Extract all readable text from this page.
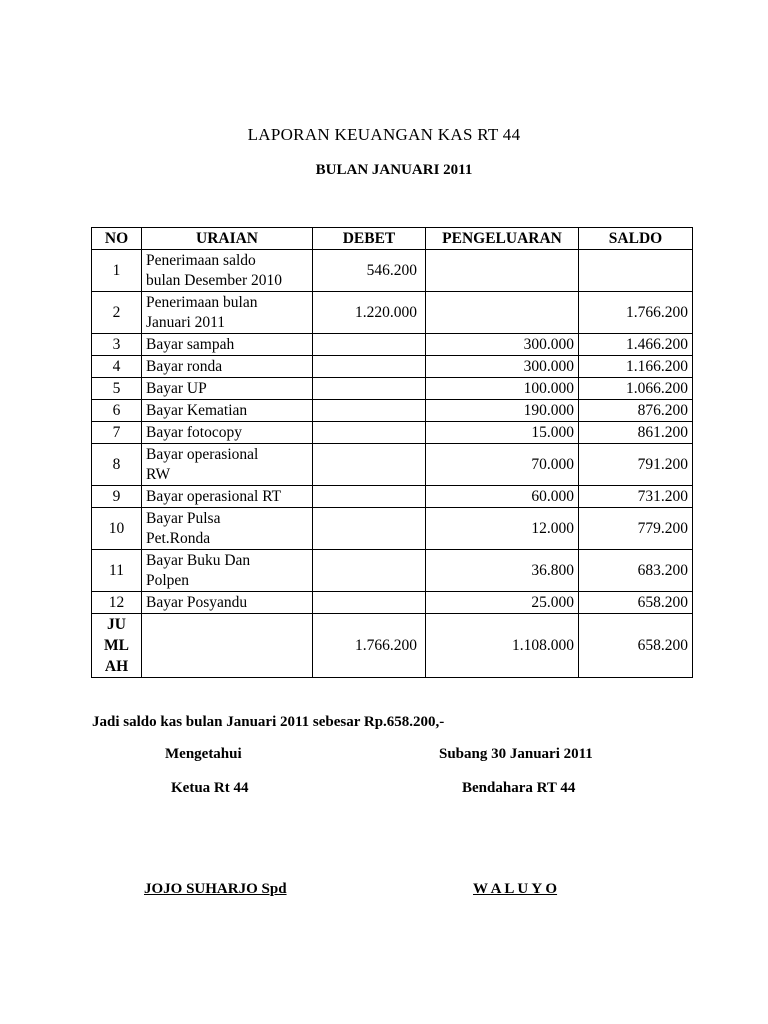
LAPORAN KEUANGAN KAS RT 44
BULAN JANUARI 2011
NO	URAIAN	DEBET	PENGELUARAN	SALDO
1	Penerimaan saldo
bulan Desember 2010	546.200		
2	Penerimaan bulan
Januari 2011	1.220.000		1.766.200
3	Bayar sampah		300.000	1.466.200
4	Bayar ronda		300.000	1.166.200
5	Bayar UP		100.000	1.066.200
6	Bayar Kematian		190.000	876.200
7	Bayar fotocopy		15.000	861.200
8	Bayar operasional
RW		70.000	791.200
9	Bayar operasional RT		60.000	731.200
10	Bayar Pulsa
Pet.Ronda		12.000	779.200
11	Bayar Buku Dan
Polpen		36.800	683.200
12	Bayar Posyandu		25.000	658.200
JU
ML
AH		1.766.200	1.108.000	658.200
Jadi saldo kas bulan Januari 2011 sebesar Rp.658.200,-
Mengetahui	Subang 30 Januari 2011
Ketua Rt 44	Bendahara RT 44
JOJO SUHARJO Spd	W A L U Y O
